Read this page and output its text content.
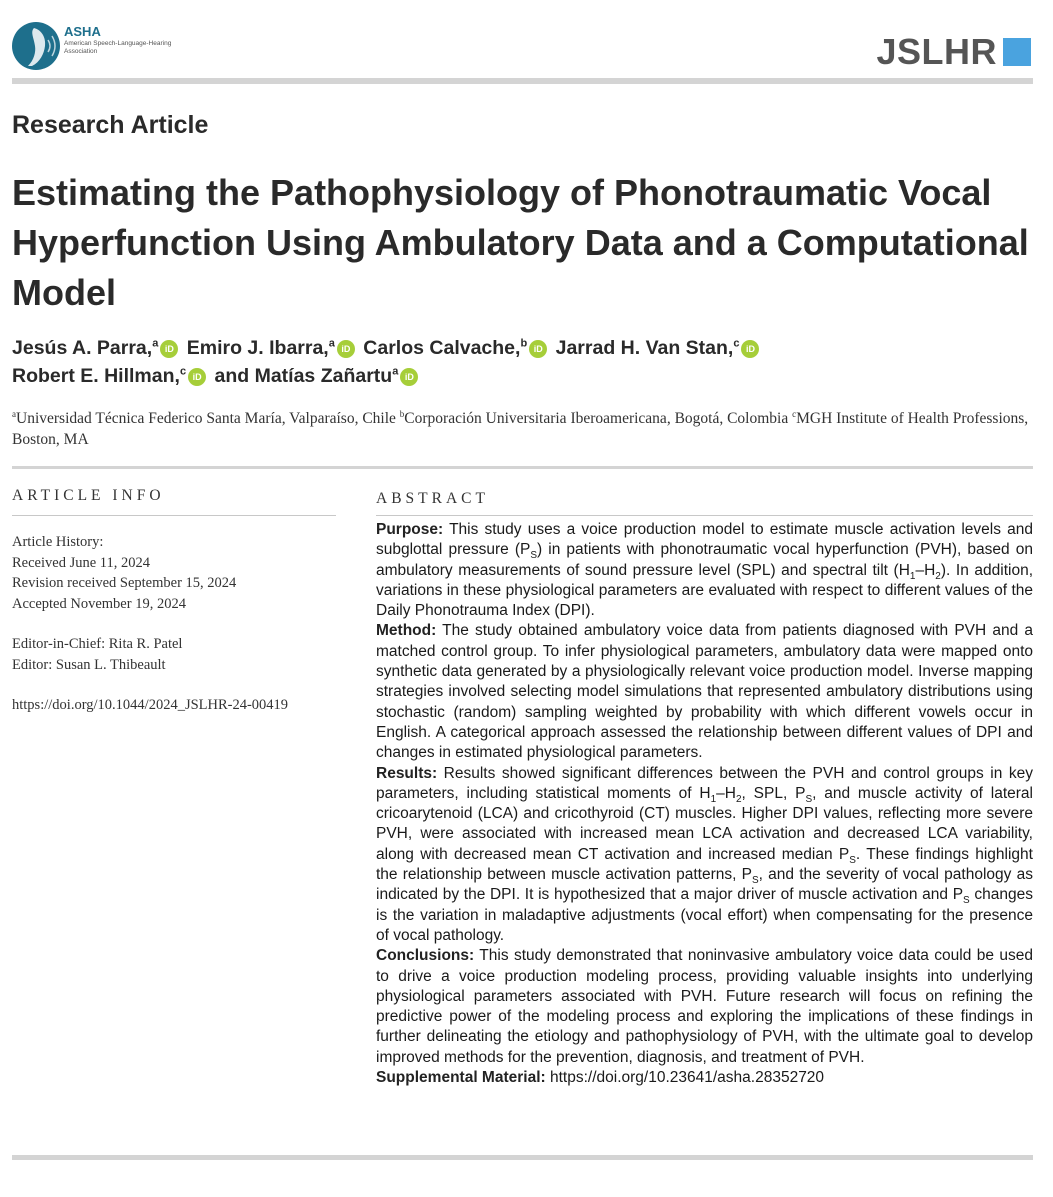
ASHA
American Speech-Language-Hearing Association	JSLHR
Research Article
Estimating the Pathophysiology of Phonotraumatic Vocal Hyperfunction Using Ambulatory Data and a Computational Model
Jesús A. Parra,$^a$ iD Emiro J. Ibarra,$^a$ iD Carlos Calvache,$^b$ iD Jarrad H. Van Stan,$^c$ iD
Robert E. Hillman,$^c$ iD and Matías Zañartu$^a$ iD
$^a$Universidad Técnica Federico Santa María, Valparaíso, Chile $^b$Corporación Universitaria Iberoamericana, Bogotá, Colombia $^c$MGH Institute of Health Professions, Boston, MA
ARTICLE INFO

Article History:

Received June 11, 2024

Revision received September 15, 2024

Accepted November 19, 2024

Editor-in-Chief: Rita R. Patel

Editor: Susan L. Thibeault

https://doi.org/10.1044/2024_JSLHR-24-00419

ABSTRACT

Purpose: This study uses a voice production model to estimate muscle activation levels and subglottal pressure $(P_S)$ in patients with phonotraumatic vocal hyperfunction (PVH), based on ambulatory measurements of sound pressure level (SPL) and spectral tilt $(H_1-H_2)$. In addition, variations in these physiological parameters are evaluated with respect to different values of the Daily Phonotrauma Index (DPI).

Method: The study obtained ambulatory voice data from patients diagnosed with PVH and a matched control group. To infer physiological parameters, ambulatory data were mapped onto synthetic data generated by a physiologically relevant voice production model. Inverse mapping strategies involved selecting model simulations that represented ambulatory distributions using stochastic (random) sampling weighted by probability with which different vowels occur in English. A categorical approach assessed the relationship between different values of DPI and changes in estimated physiological parameters.

Results: Results showed significant differences between the PVH and control groups in key parameters, including statistical moments of $H_1-H_2$, SPL, $P_S$, and muscle activity of lateral cricoarytenoid (LCA) and cricothyroid (CT) muscles. Higher DPI values, reflecting more severe PVH, were associated with increased mean LCA activation and decreased LCA variability, along with decreased mean CT activation and increased median $P_S$. These findings highlight the relationship between muscle activation patterns, $P_S$, and the severity of vocal pathology as indicated by the DPI. It is hypothesized that a major driver of muscle activation and $P_S$ changes is the variation in maladaptive adjustments (vocal effort) when compensating for the presence of vocal pathology.

Conclusions: This study demonstrated that noninvasive ambulatory voice data could be used to drive a voice production modeling process, providing valuable insights into underlying physiological parameters associated with PVH. Future research will focus on refining the predictive power of the modeling process and exploring the implications of these findings in further delineating the etiology and pathophysiology of PVH, with the ultimate goal to develop improved methods for the prevention, diagnosis, and treatment of PVH.

Supplemental Material: https://doi.org/10.23641/asha.28352720
